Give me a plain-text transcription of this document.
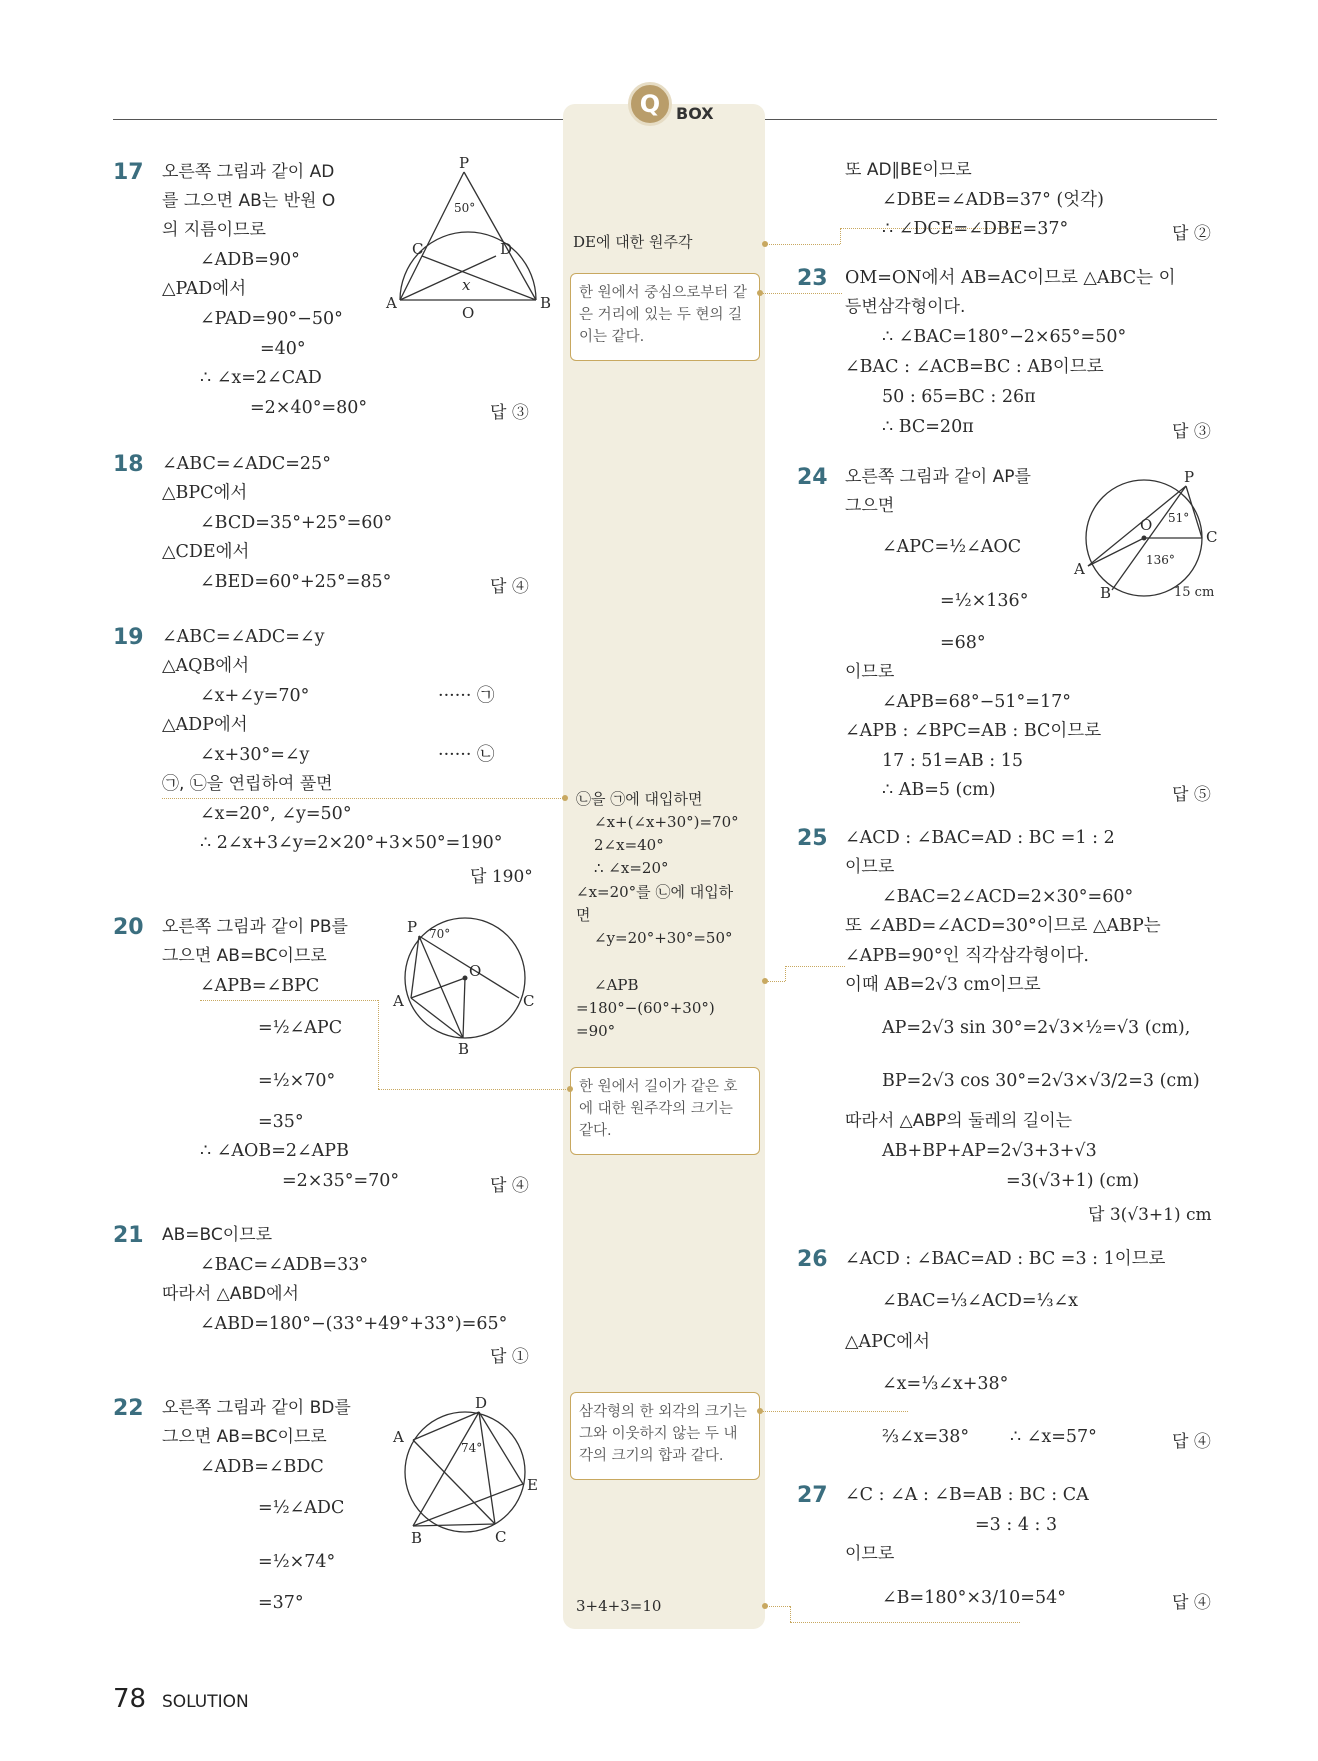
Q BOX
17 오른쪽 그림과 같이 AD
를 그으면 AB는 반원 O
의 지름이므로
∠ADB=90°
△PAD에서
∠PAD=90°−50°
=40°
∴ ∠x=2∠CAD
=2×40°=80°	답 ③
P
A	B
C	D
O
50°
x
18 ∠ABC=∠ADC=25°
△BPC에서
∠BCD=35°+25°=60°
△CDE에서
∠BED=60°+25°=85°	답 ④
19 ∠ABC=∠ADC=∠y
△AQB에서
∠x+∠y=70°	······ ㉠
△ADP에서
∠x+30°=∠y	······ ㉡
㉠, ㉡을 연립하여 풀면
∠x=20°, ∠y=50°
∴ 2∠x+3∠y=2×20°+3×50°=190°
답 190°
20 오른쪽 그림과 같이 PB를
그으면 AB=BC이므로
∠APB=∠BPC
=½∠APC
=½×70°
=35°
∴ ∠AOB=2∠APB
=2×35°=70°	답 ④
P
A
B
C
O
70°
21 AB=BC이므로
∠BAC=∠ADB=33°
따라서 △ABD에서
∠ABD=180°−(33°+49°+33°)=65°
답 ①
22 오른쪽 그림과 같이 BD를
그으면 AB=BC이므로
∠ADB=∠BDC
=½∠ADC
=½×74°
=37°
A
B	C
D
E
74°
DE에 대한 원주각
한 원에서 중심으로부터 같은 거리에 있는 두 현의 길이는 같다.
㉡을 ㉠에 대입하면
∠x+(∠x+30°)=70°
2∠x=40°
∴ ∠x=20°
∠x=20°를 ㉡에 대입하
면
∠y=20°+30°=50°
∠APB
=180°−(60°+30°)
=90°
한 원에서 길이가 같은 호에 대한 원주각의 크기는 같다.
삼각형의 한 외각의 크기는 그와 이웃하지 않는 두 내각의 크기의 합과 같다.
3+4+3=10
또 AD∥BE이므로
∠DBE=∠ADB=37° (엇각)
∴ ∠DCE=∠DBE=37°	답 ②
23 OM=ON에서 AB=AC이므로 △ABC는 이
등변삼각형이다.
∴ ∠BAC=180°−2×65°=50°
∠BAC : ∠ACB=BC : AB이므로
50 : 65=BC : 26π
∴ BC=20π	답 ③
24 오른쪽 그림과 같이 AP를
그으면
∠APC=½∠AOC
=½×136°
=68°
이므로
∠APB=68°−51°=17°
∠APB : ∠BPC=AB : BC이므로
17 : 51=AB : 15
∴ AB=5 (cm)	답 ⑤
P
A
B
C
O 51°
136°
15 cm
25 ∠ACD : ∠BAC=AD : BC =1 : 2
이므로
∠BAC=2∠ACD=2×30°=60°
또 ∠ABD=∠ACD=30°이므로 △ABP는
∠APB=90°인 직각삼각형이다.
이때 AB=2√3 cm이므로
AP=2√3 sin 30°=2√3×½=√3 (cm),
BP=2√3 cos 30°=2√3×√3/2=3 (cm)
따라서 △ABP의 둘레의 길이는
AB+BP+AP=2√3+3+√3
=3(√3+1) (cm)
답 3(√3+1) cm
26 ∠ACD : ∠BAC=AD : BC =3 : 1이므로
∠BAC=⅓∠ACD=⅓∠x
△APC에서
∠x=⅓∠x+38°
⅔∠x=38° ∴ ∠x=57°	답 ④
27 ∠C : ∠A : ∠B=AB : BC : CA
=3 : 4 : 3
이므로
∠B=180°×3/10=54°	답 ④
78 SOLUTION
